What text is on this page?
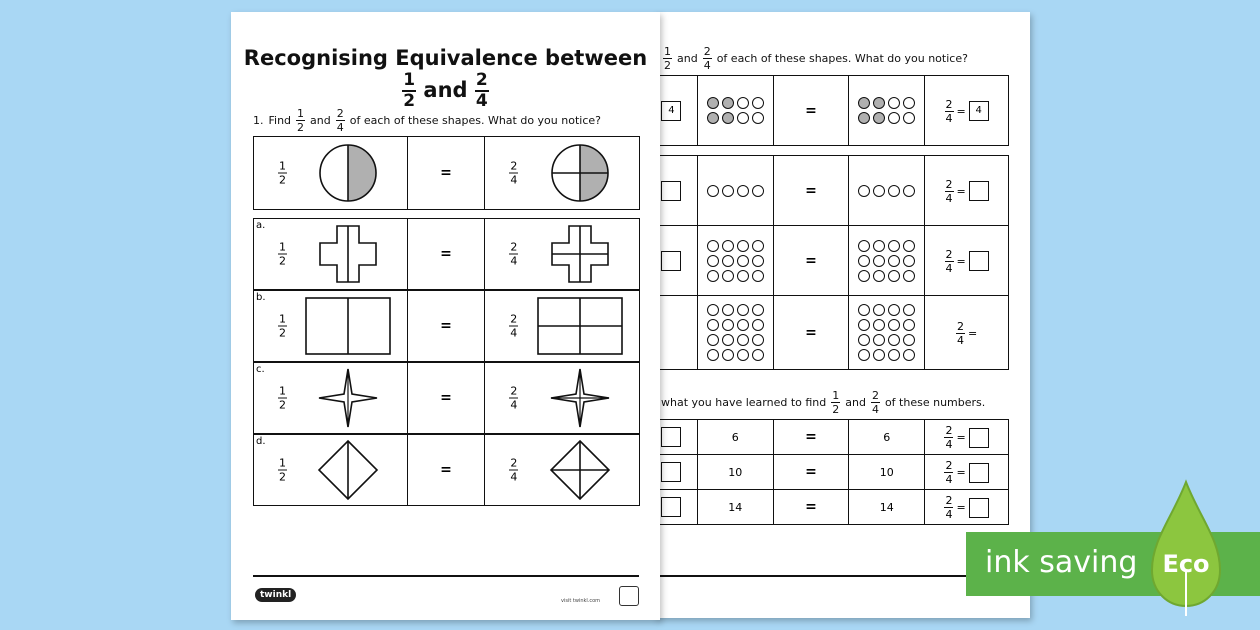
$\frac{1}{2}$ and $\frac{2}{4}$ of each of these shapes. What do you notice?
4		=		$\frac{2}{4} = 4$

	=		$\frac{2}{4}$ =

	=		$\frac{2}{4}$ =

	=		$\frac{2}{4}$ =
what you have learned to find $\frac{1}{2}$ and $\frac{2}{4}$ of these numbers.
	6	=	6	$\frac{2}{4}$ =

	10	=	10	$\frac{2}{4}$ =

	14	=	14	$\frac{2}{4}$ =
Recognising Equivalence between
$\frac{1}{2}$ and $\frac{2}{4}$
1. Find $\frac{1}{2}$ and $\frac{2}{4}$ of each of these shapes. What do you notice?
$\frac{1}{2}$	=	$\frac{2}{4}$
a.
$\frac{1}{2}$	=	$\frac{2}{4}$
b.
$\frac{1}{2}$	=	$\frac{2}{4}$
c.
$\frac{1}{2}$	=	$\frac{2}{4}$
d.
$\frac{1}{2}$	=	$\frac{2}{4}$
twinkl
visit twinkl.com
ink saving Eco
